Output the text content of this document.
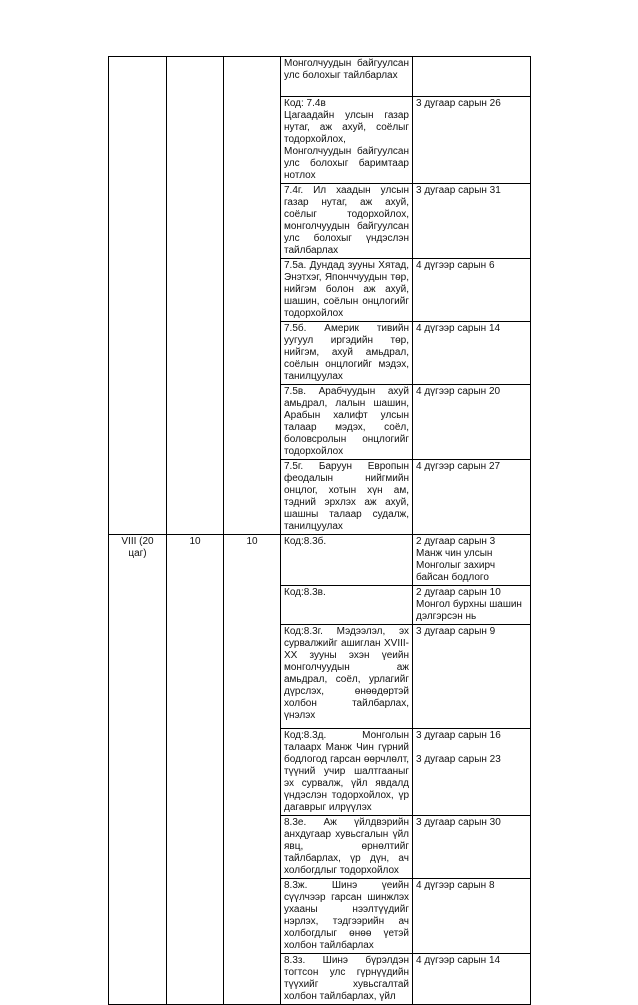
			Монголчуудын байгуулсан улс болохыг тайлбарлах	
			Код: 7.4в
Цагаадайн улсын газар нутаг, аж ахуй, соёлыг тодорхойлох, Монголчуудын байгуулсан улс болохыг баримтаар нотлох	3 дугаар сарын 26
			7.4г. Ил хаадын улсын газар нутаг, аж ахуй, соёлыг тодорхойлох, монголчуудын байгуулсан улс болохыг үндэслэн тайлбарлах	3 дугаар сарын 31
			7.5а. Дундад зууны Хятад, Энэтхэг, Японччуудын төр, нийгэм болон аж ахуй, шашин, соёлын онцлогийг тодорхойлох	4 дүгээр сарын 6
			7.5б. Америк тивийн уугуул иргэдийн төр, нийгэм, ахуй амьдрал, соёлын онцлогийг мэдэх, танилцуулах	4 дүгээр сарын 14
			7.5в. Арабчуудын ахуй амьдрал, лалын шашин, Арабын халифт улсын талаар мэдэх, соёл, боловсролын онцлогийг тодорхойлох	4 дүгээр сарын 20
			7.5г. Баруун Европын феодалын нийгмийн онцлог, хотын хүн ам, тэдний эрхлэх аж ахуй, шашны талаар судалж, танилцуулах	4 дүгээр сарын 27
VIII (20 цаг)	10	10	Код:8.3б.	2 дугаар сарын 3
Манж чин улсын Монголыг захирч байсан бодлого
			Код:8.3в.	2 дугаар сарын 10
Монгол бурхны шашин дэлгэрсэн нь
			Код:8.3г. Мэдээлэл, эх сурвалжийг ашиглан XVIII-XX зууны эхэн үеийн монголчуудын аж амьдрал, соёл, урлагийг дүрслэх, өнөөдөртэй холбон тайлбарлах, үнэлэх	3 дугаар сарын 9
			Код:8.3д. Монголын талаарх Манж Чин гүрний бодлогод гарсан өөрчлөлт, түүний учир шалтгааныг эх сурвалж, үйл явдалд үндэслэн тодорхойлох, үр дагаврыг илрүүлэх	3 дугаар сарын 16

3 дугаар сарын 23
			8.3е. Аж үйлдвэрийн анхдугаар хувьсгалын үйл явц, өрнөлтийг тайлбарлах, үр дүн, ач холбогдлыг тодорхойлох	3 дугаар сарын 30
			8.3ж. Шинэ үеийн сүүлчээр гарсан шинжлэх ухааны нээлтүүдийг нэрлэх, тэдгээрийн ач холбогдлыг өнөө үетэй холбон тайлбарлах	4 дүгээр сарын 8
			8.3з. Шинэ бүрэлдэн тогтсон улс гүрнүүдийн түүхийг хувьсгалтай холбон тайлбарлах, үйл	4 дүгээр сарын 14
